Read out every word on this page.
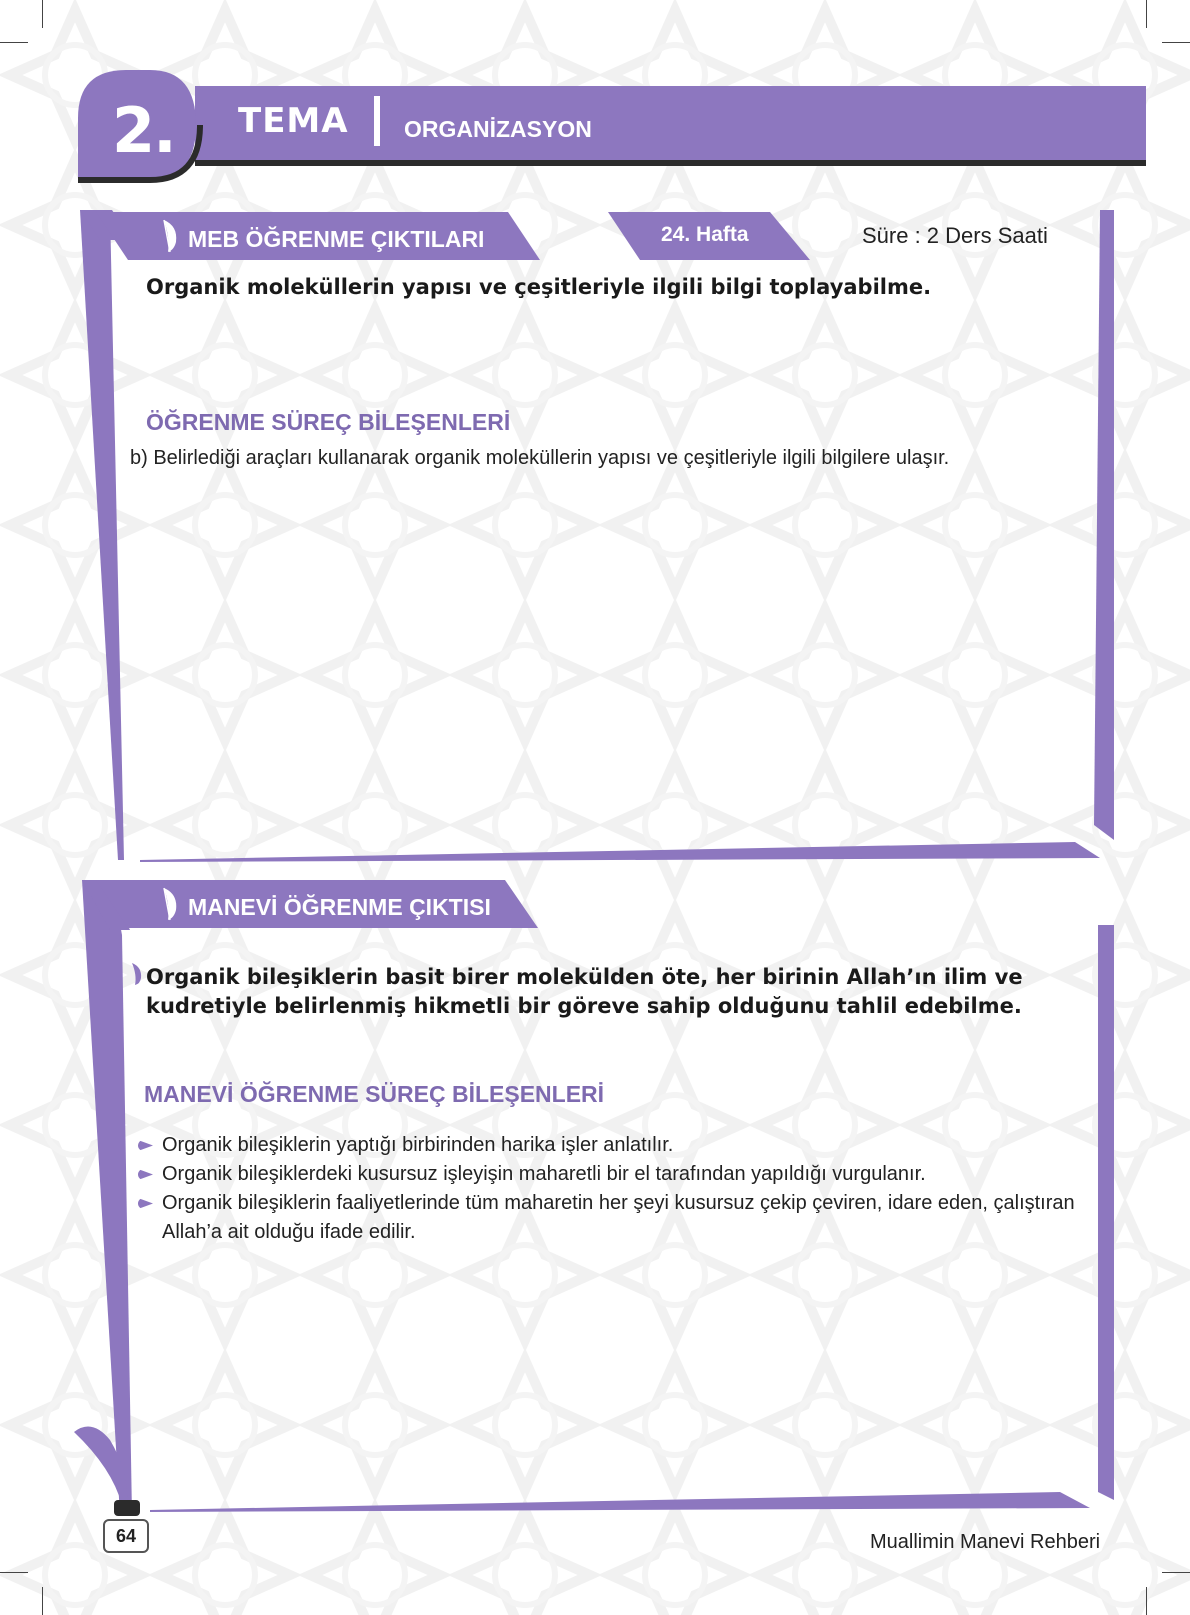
2. TEMA ORGANİZASYON
MEB ÖĞRENME ÇIKTILARI	24. Hafta	Süre : 2 Ders Saati
Organik moleküllerin yapısı ve çeşitleriyle ilgili bilgi toplayabilme.
ÖĞRENME SÜREÇ BİLEŞENLERİ
b) Belirlediği araçları kullanarak organik moleküllerin yapısı ve çeşitleriyle ilgili bilgilere ulaşır.
MANEVİ ÖĞRENME ÇIKTISI
Organik bileşiklerin basit birer molekülden öte, her birinin Allah’ın ilim ve kudretiyle belirlenmiş hikmetli bir göreve sahip olduğunu tahlil edebilme.
MANEVİ ÖĞRENME SÜREÇ BİLEŞENLERİ
Organik bileşiklerin yaptığı birbirinden harika işler anlatılır.
Organik bileşiklerdeki kusursuz işleyişin maharetli bir el tarafından yapıldığı vurgulanır.
Organik bileşiklerin faaliyetlerinde tüm maharetin her şeyi kusursuz çekip çeviren, idare eden, çalıştıran Allah’a ait olduğu ifade edilir.
64	Muallimin Manevi Rehberi
